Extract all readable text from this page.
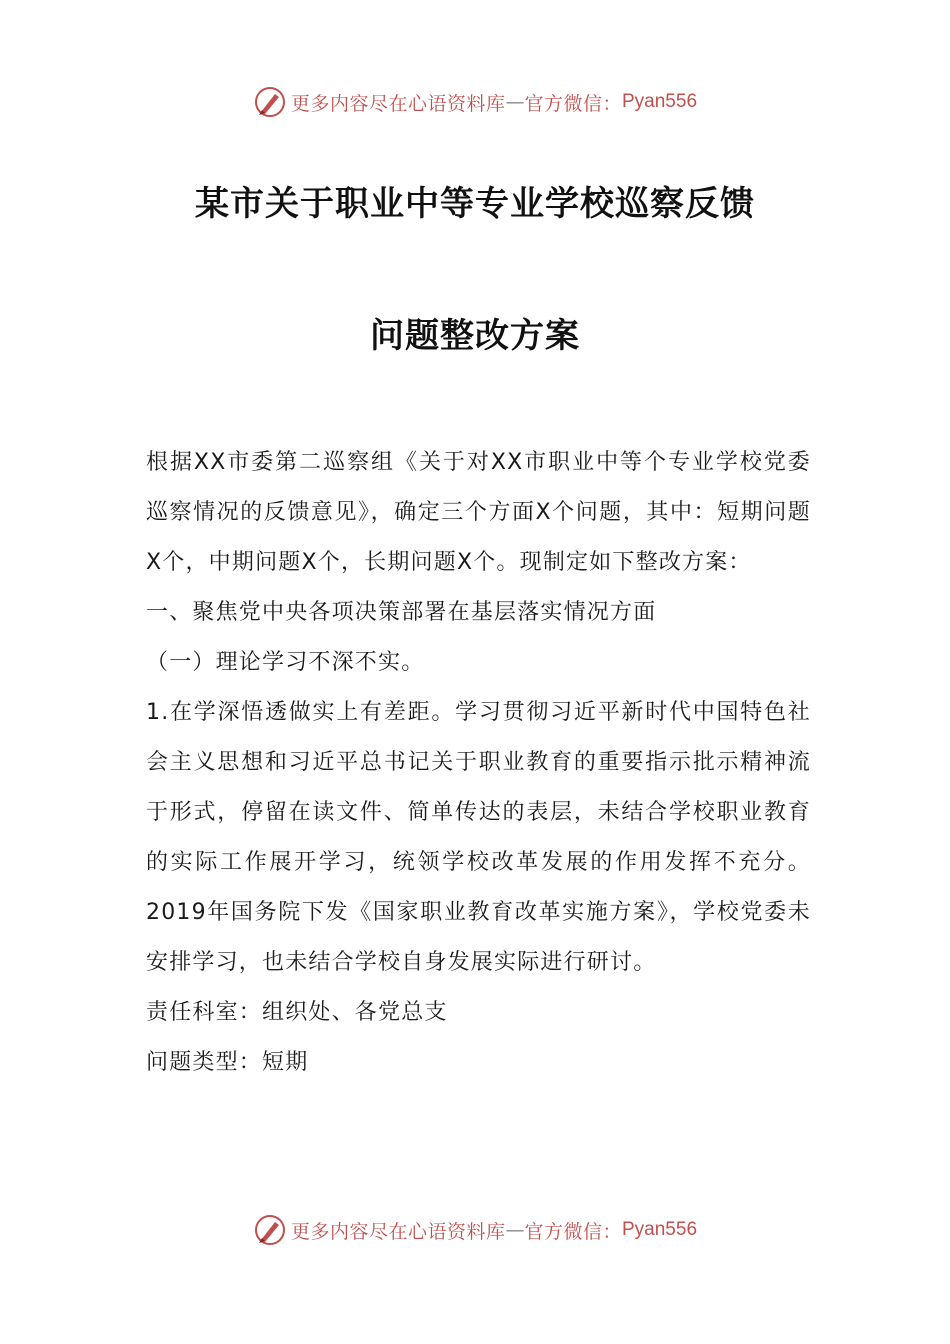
更多内容尽在心语资料库 — 官方微信： Pyan556
某市关于职业中等专业学校巡察反馈
问题整改方案

根据XX市委第二巡察组《关于对XX市职业中等个专业学校党委巡察情况的反馈意见》，确定三个方面X个问题，其中：短期问题X个，中期问题X个，长期问题X个。现制定如下整改方案：

一、聚焦党中央各项决策部署在基层落实情况方面

（一）理论学习不深不实。

1.在学深悟透做实上有差距。学习贯彻习近平新时代中国特色社会主义思想和习近平总书记关于职业教育的重要指示批示精神流于形式，停留在读文件、简单传达的表层，未结合学校职业教育的实际工作展开学习，统领学校改革发展的作用发挥不充分。2019年国务院下发《国家职业教育改革实施方案》，学校党委未安排学习，也未结合学校自身发展实际进行研讨。

责任科室：组织处、各党总支

问题类型：短期

更多内容尽在心语资料库 — 官方微信： Pyan556
